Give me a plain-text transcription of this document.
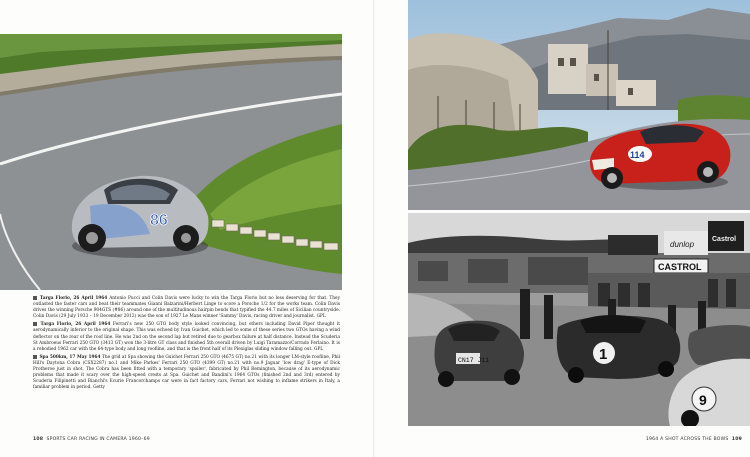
86

Targa Florio, 26 April 1964 Antonio Pucci and Colin Davis were lucky to win the Targa Florio but no less deserving for that. They outlasted the faster cars and beat their teammates Gianni Balzarini/Herbert Linge to score a Porsche 1/2 for the works team. Colin Davis drives the winning Porsche 904GTS (#86) around one of the multitudinous hairpin bends that typified the 44.7 miles of Sicilian countryside. Colin Davis (29 July 1933 – 19 December 2012) was the son of 1927 Le Mans winner 'Sammy' Davis, racing driver and journalist. GPL

Targa Florio, 26 April 1964 Ferrari's new 250 GTO body style looked convincing, but others including David Piper thought it aerodynamically inferior to the original shape. This was echoed by Ivan Guichet, which led to some of these series two GTOs having a wind deflector on the rear of the roof line. He was 2nd on the second lap but retired due to gearbox failure at half distance. Instead the Scuderia St Ambroeus Ferrari 250 GTO (3413 GT) won the 3-litre GT class and finished 5th overall driven by Luigi Taramazzo/Corrado Ferlaino. It is a rebodied 1962 car with the 64-type body and long roofline, and that is the front half of its Plexiglas sliding window falling out. GPL

Spa 500km, 17 May 1964 The grid at Spa showing the Guichet Ferrari 250 GTO (4675 GT) no.21 with its longer LM-style roofline, Phil Hill's Daytona Cobra (CSX2287) no.1 and Mike Parkes' Ferrari 250 GTO (4399 GT) no.21 with no.9 Jaguar 'low drag' E-type of Dick Protheroe just in shot. The Cobra has been fitted with a temporary 'spoiler', fabricated by Phil Remington, because of its aerodynamic problems that made it scary over the high-speed crests at Spa. Guichet and Bandini's 1964 GTOs (finished 2nd and 3rd) entered by Scuderia Filipinetti and Bianchi's Ecurie Francorchamps car were in fact factory cars, Ferrari not wishing to inflame strikers in Italy, a familiar problem in period. Getty

108 SPORTS CAR RACING IN CAMERA 1960–69
114
dunlop
CASTROL
Castrol
CN17 J11	1
9
1964 A SHOT ACROSS THE BOWS 109
